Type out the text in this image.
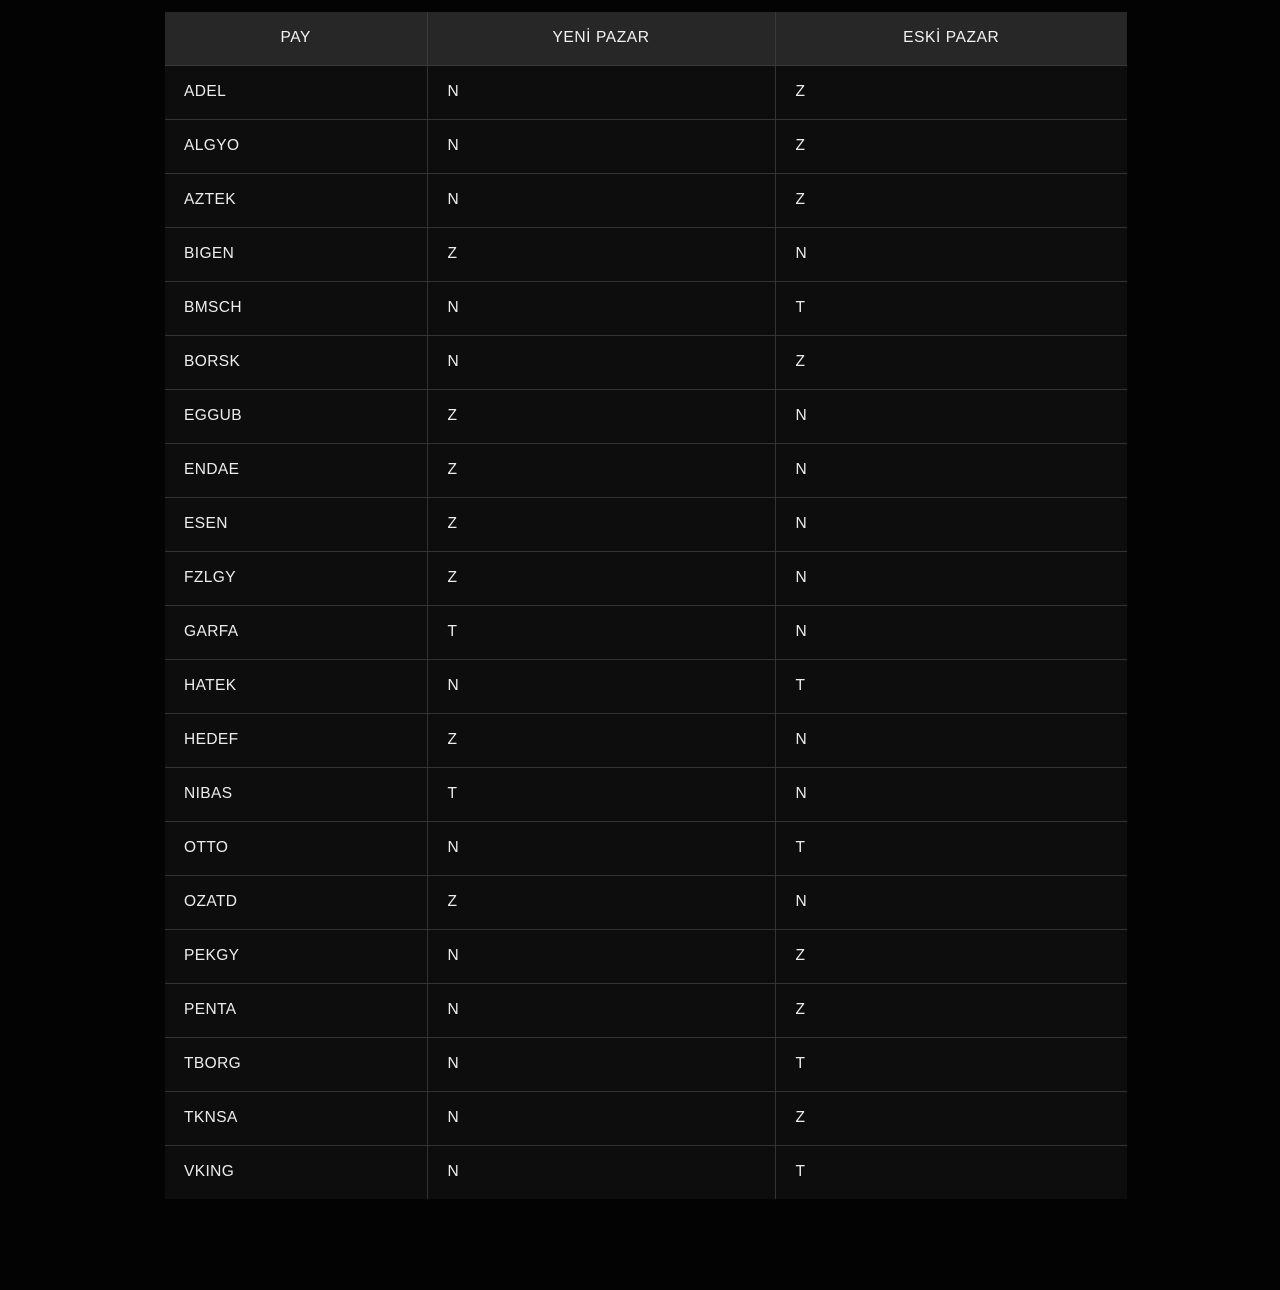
PAY	YENİ PAZAR	ESKİ PAZAR
ADEL	N	Z
ALGYO	N	Z
AZTEK	N	Z
BIGEN	Z	N
BMSCH	N	T
BORSK	N	Z
EGGUB	Z	N
ENDAE	Z	N
ESEN	Z	N
FZLGY	Z	N
GARFA	T	N
HATEK	N	T
HEDEF	Z	N
NIBAS	T	N
OTTO	N	T
OZATD	Z	N
PEKGY	N	Z
PENTA	N	Z
TBORG	N	T
TKNSA	N	Z
VKING	N	T
